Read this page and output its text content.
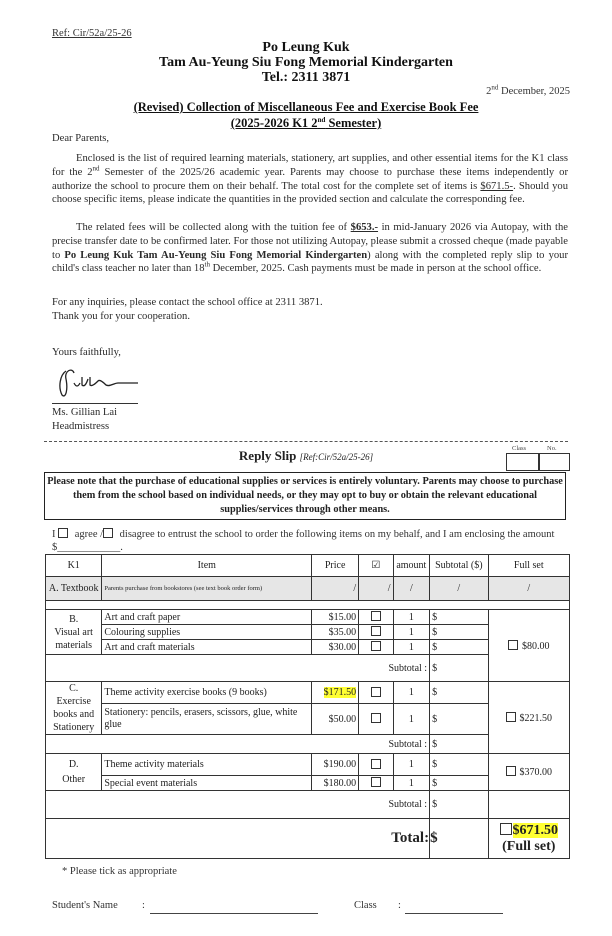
Ref: Cir/52a/25-26
Po Leung Kuk
Tam Au-Yeung Siu Fong Memorial Kindergarten
Tel.: 2311 3871
2nd December, 2025
(Revised) Collection of Miscellaneous Fee and Exercise Book Fee
(2025-2026 K1 2nd Semester)
Dear Parents,
Enclosed is the list of required learning materials, stationery, art supplies, and other essential items for the K1 class for the 2nd Semester of the 2025/26 academic year. Parents may choose to purchase these items independently or authorize the school to procure them on their behalf. The total cost for the complete set of items is $671.5-. Should you choose specific items, please indicate the quantities in the provided section and calculate the corresponding fee.
The related fees will be collected along with the tuition fee of $653.- in mid-January 2026 via Autopay, with the precise transfer date to be confirmed later. For those not utilizing Autopay, please submit a crossed cheque (made payable to Po Leung Kuk Tam Au-Yeung Siu Fong Memorial Kindergarten) along with the completed reply slip to your child's class teacher no later than 18th December, 2025. Cash payments must be made in person at the school office.
For any inquiries, please contact the school office at 2311 3871.
Thank you for your cooperation.
Yours faithfully,
Ms. Gillian Lai
Headmistress
Reply Slip [Ref:Cir/52a/25-26]
Class	No.
Please note that the purchase of educational supplies or services is entirely voluntary. Parents may choose to purchase them from the school based on individual needs, or they may opt to buy or obtain the relevant educational supplies/services through other means.
I  agree / disagree to entrust the school to order the following items on my behalf, and I am enclosing the amount $____________.
K1	Item	Price	☑	amount	Subtotal ($)	Full set
A. Textbook	Parents purchase from bookstores (see text book order form)	/	/	/	/	/

B.
Visual art
materials	Art and craft paper	$15.00		1	$	$80.00
	Colouring supplies	$35.00		1	$	
	Art and craft materials	$30.00		1	$	
Subtotal :					$	
C.
Exercise
books and Stationery	Theme activity exercise books (9 books)	$171.50		1	$	$221.50
	Stationery: pencils, erasers, scissors, glue, white glue	$50.00		1	$	
Subtotal :					$	
D.
Other	Theme activity materials	$190.00		1	$	$370.00
	Special event materials	$180.00		1	$	
Subtotal :					$	
Total:					$	$671.50
(Full set)
* Please tick as appropriate
Student's Name :	Class :
